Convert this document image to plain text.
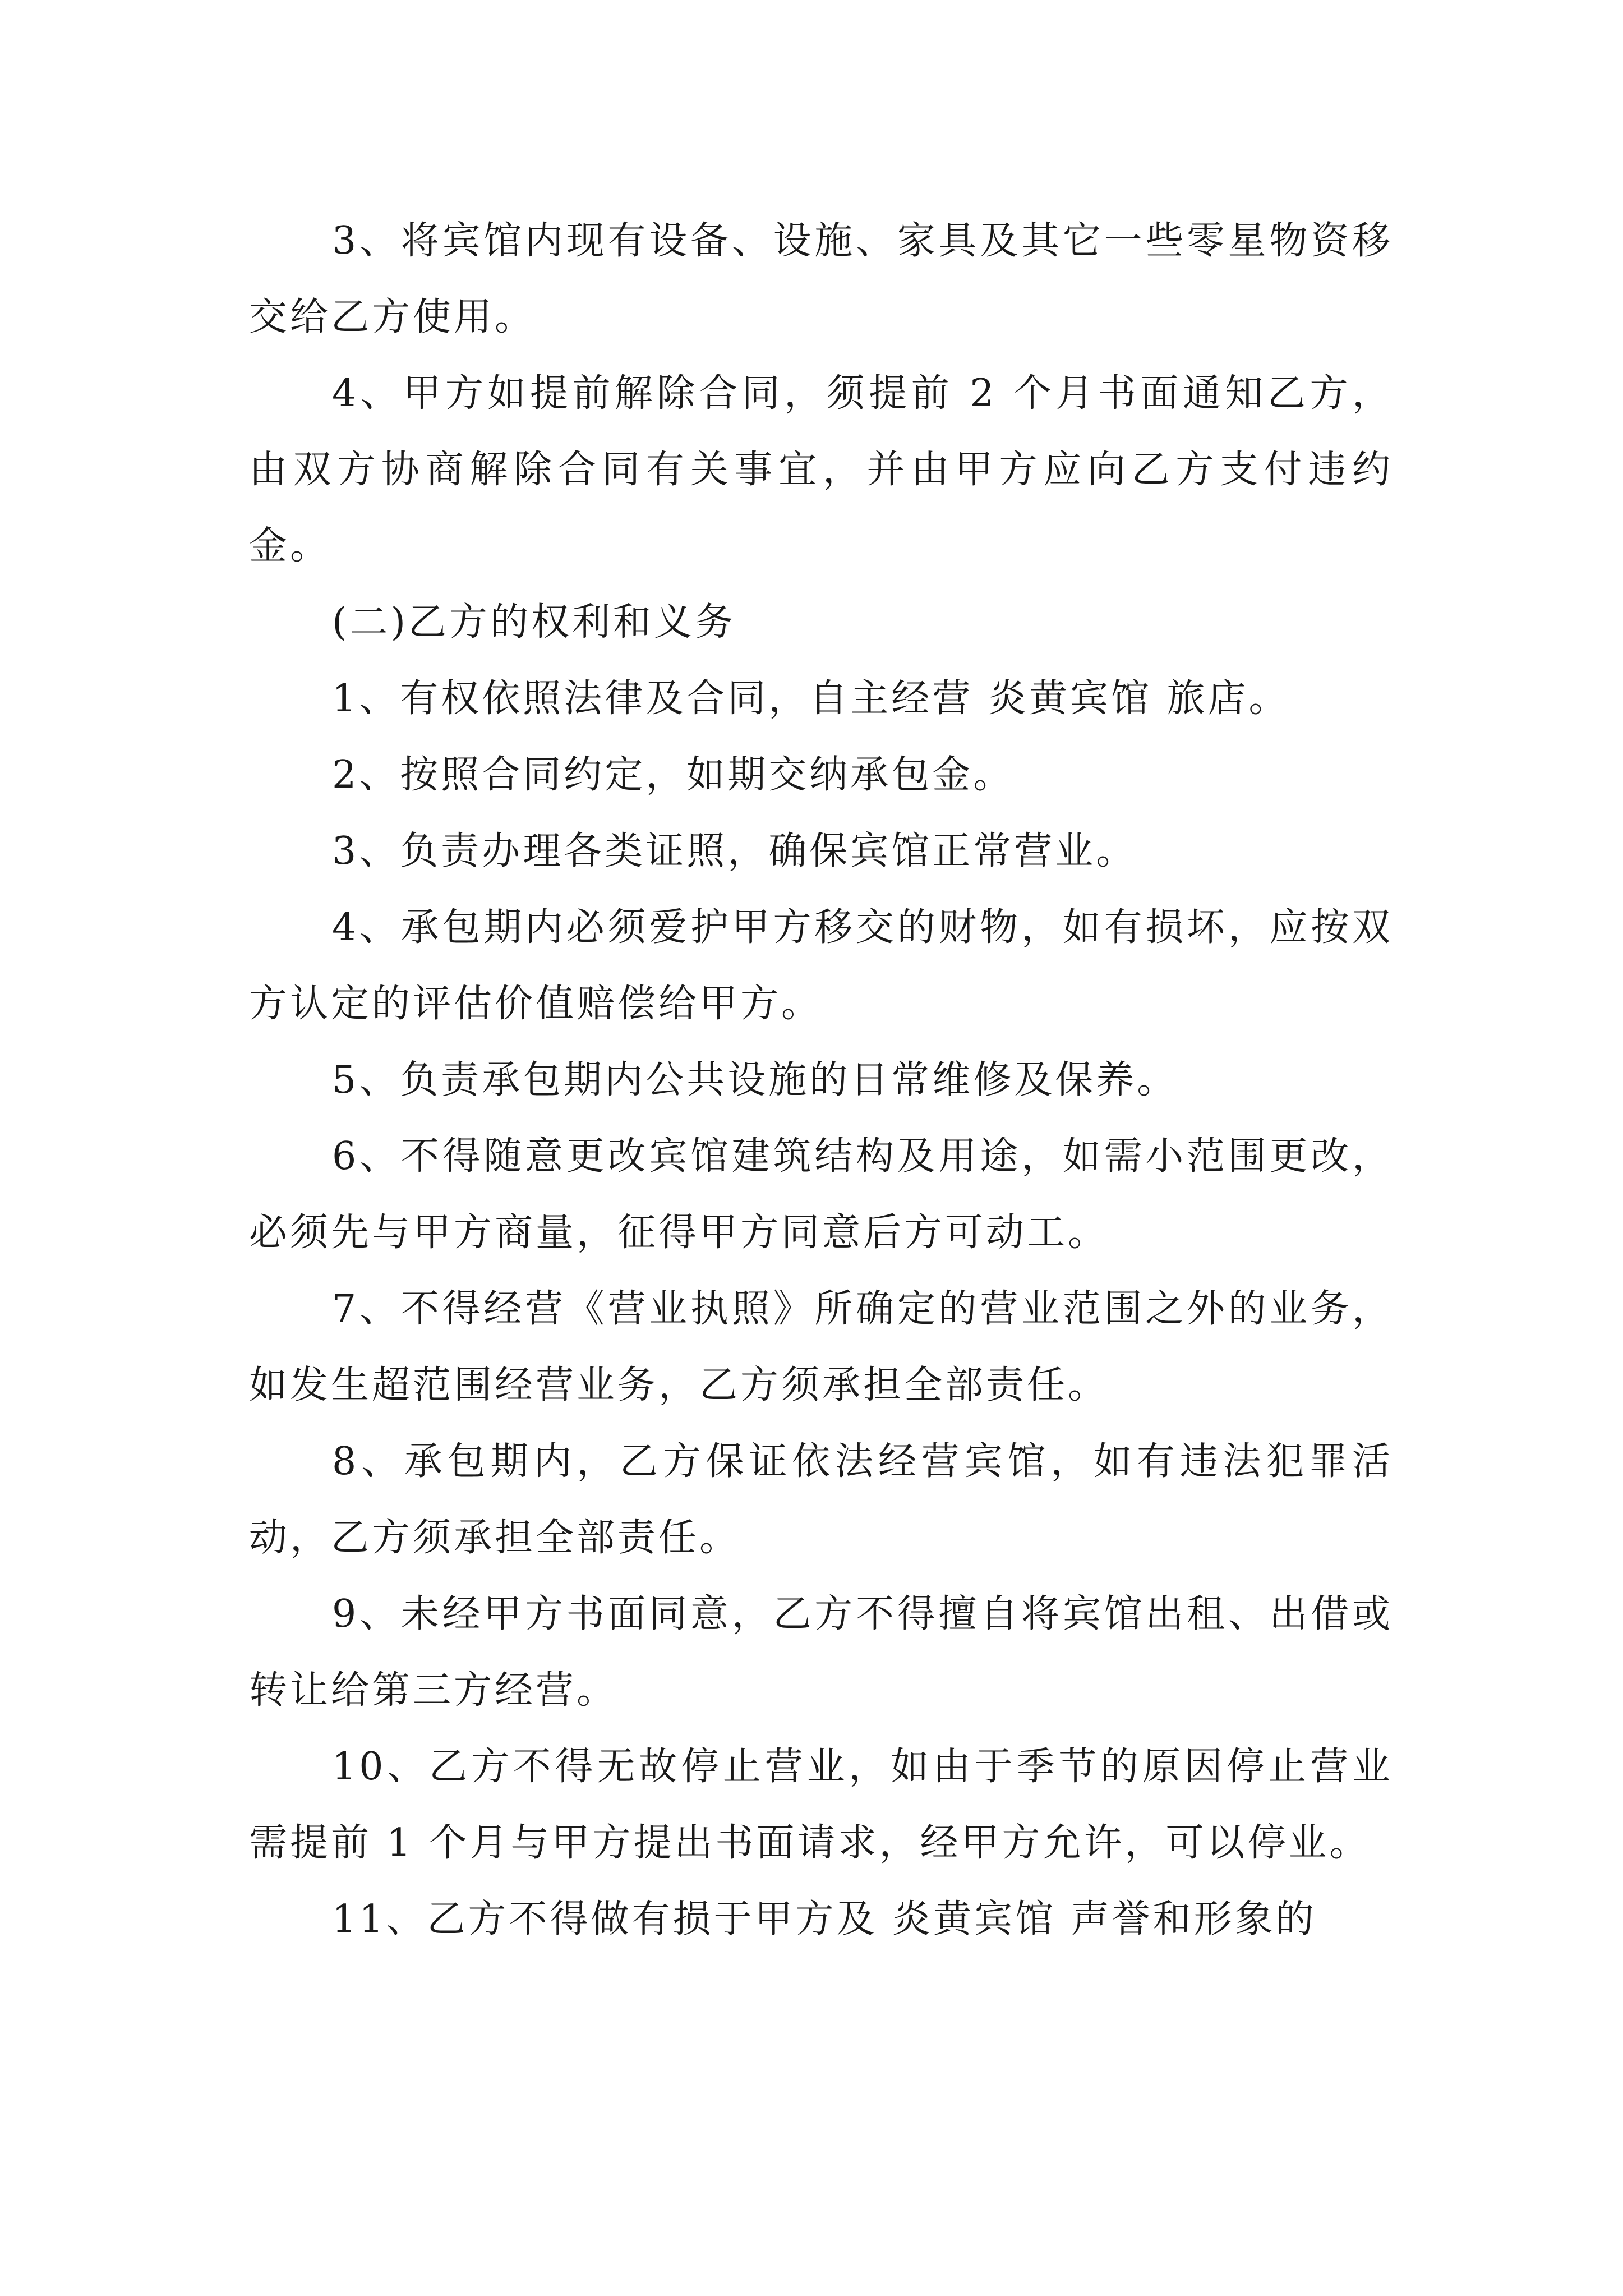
3、将宾馆内现有设备、设施、家具及其它一些零星物资移交给乙方使用。

4、甲方如提前解除合同，须提前 2 个月书面通知乙方，由双方协商解除合同有关事宜，并由甲方应向乙方支付违约金。

(二)乙方的权利和义务

1、有权依照法律及合同，自主经营 炎黄宾馆 旅店。

2、按照合同约定，如期交纳承包金。

3、负责办理各类证照，确保宾馆正常营业。

4、承包期内必须爱护甲方移交的财物，如有损坏，应按双方认定的评估价值赔偿给甲方。

5、负责承包期内公共设施的日常维修及保养。

6、不得随意更改宾馆建筑结构及用途，如需小范围更改，必须先与甲方商量，征得甲方同意后方可动工。

7、不得经营《营业执照》所确定的营业范围之外的业务，如发生超范围经营业务，乙方须承担全部责任。

8、承包期内，乙方保证依法经营宾馆，如有违法犯罪活动，乙方须承担全部责任。

9、未经甲方书面同意，乙方不得擅自将宾馆出租、出借或转让给第三方经营。

10、乙方不得无故停止营业，如由于季节的原因停止营业需提前 1 个月与甲方提出书面请求，经甲方允许，可以停业。

11、乙方不得做有损于甲方及 炎黄宾馆 声誉和形象的
